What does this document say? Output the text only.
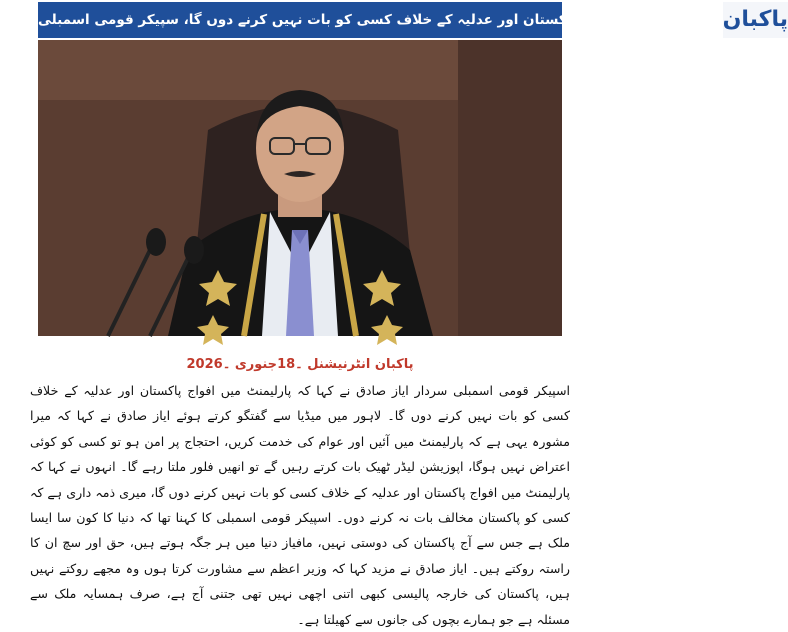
پاکبان
پارلیمنٹ میں افواج پاکستان اور عدلیہ کے خلاف کسی کو بات نہیں کرنے دوں گا، سپیکر قومی اسمبلی
پاکبان انٹرنیشنل ۔18جنوری ۔2026

اسپیکر قومی اسمبلی سردار ایاز صادق نے کہا کہ پارلیمنٹ میں افواج پاکستان اور عدلیہ کے خلاف کسی کو بات نہیں کرنے دوں گا۔ لاہور میں میڈیا سے گفتگو کرتے ہوئے ایاز صادق نے کہا کہ میرا مشورہ یہی ہے کہ پارلیمنٹ میں آئیں اور عوام کی خدمت کریں، احتجاج پر امن ہو تو کسی کو کوئی اعتراض نہیں ہوگا، اپوزیشن لیڈر ٹھیک بات کرتے رہیں گے تو انھیں فلور ملتا رہے گا۔ انہوں نے کہا کہ پارلیمنٹ میں افواج پاکستان اور عدلیہ کے خلاف کسی کو بات نہیں کرنے دوں گا، میری ذمہ داری ہے کہ کسی کو پاکستان مخالف بات نہ کرنے دوں۔ اسپیکر قومی اسمبلی کا کہنا تھا کہ دنیا کا کون سا ایسا ملک ہے جس سے آج پاکستان کی دوستی نہیں، مافیاز دنیا میں ہر جگہ ہوتے ہیں، حق اور سچ ان کا راستہ روکتے ہیں۔ ایاز صادق نے مزید کہا کہ وزیر اعظم سے مشاورت کرتا ہوں وہ مجھے روکتے نہیں ہیں، پاکستان کی خارجہ پالیسی کبھی اتنی اچھی نہیں تھی جتنی آج ہے، صرف ہمسایہ ملک سے مسئلہ ہے جو ہمارے بچوں کی جانوں سے کھیلتا ہے۔
